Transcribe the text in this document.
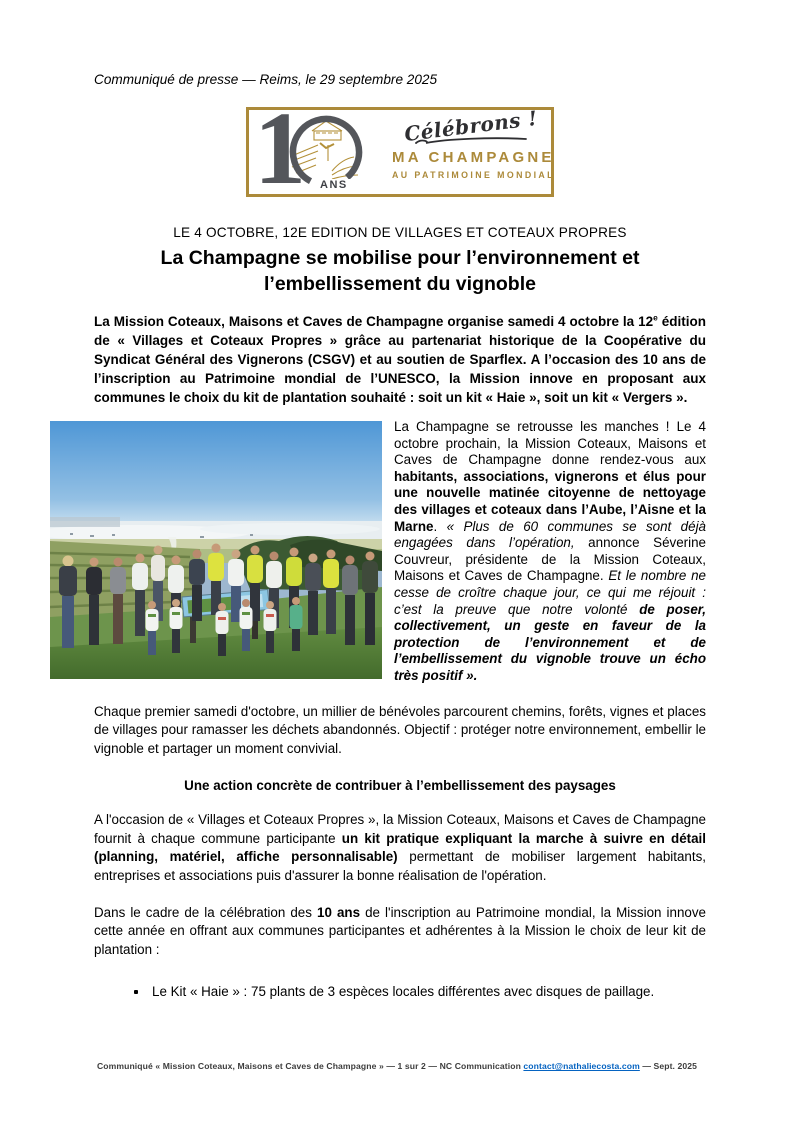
Communiqué de presse — Reims, le 29 septembre 2025

1 ANS
Célébrons !
MA CHAMPAGNE
AU PATRIMOINE MONDIAL
LE 4 OCTOBRE, 12E EDITION DE VILLAGES ET COTEAUX PROPRES
La Champagne se mobilise pour l’environnement et l’embellissement du vignoble

La Mission Coteaux, Maisons et Caves de Champagne organise samedi 4 octobre la 12e édition de « Villages et Coteaux Propres » grâce au partenariat historique de la Coopérative du Syndicat Général des Vignerons (CSGV) et au soutien de Sparflex. A l’occasion des 10 ans de l’inscription au Patrimoine mondial de l’UNESCO, la Mission innove en proposant aux communes le choix du kit de plantation souhaité : soit un kit « Haie », soit un kit « Vergers ».

La Champagne se retrousse les manches ! Le 4 octobre prochain, la Mission Coteaux, Maisons et Caves de Champagne donne rendez-vous aux habitants, associations, vignerons et élus pour une nouvelle matinée citoyenne de nettoyage des villages et coteaux dans l’Aube, l’Aisne et la Marne. « Plus de 60 communes se sont déjà engagées dans l’opération, annonce Séverine Couvreur, présidente de la Mission Coteaux, Maisons et Caves de Champagne. Et le nombre ne cesse de croître chaque jour, ce qui me réjouit : c’est la preuve que notre volonté de poser, collectivement, un geste en faveur de la protection de l’environnement et de l’embellissement du vignoble trouve un écho très positif ».

Chaque premier samedi d'octobre, un millier de bénévoles parcourent chemins, forêts, vignes et places de villages pour ramasser les déchets abandonnés. Objectif : protéger notre environnement, embellir le vignoble et partager un moment convivial.

Une action concrète de contribuer à l’embellissement des paysages

A l'occasion de « Villages et Coteaux Propres », la Mission Coteaux, Maisons et Caves de Champagne fournit à chaque commune participante un kit pratique expliquant la marche à suivre en détail (planning, matériel, affiche personnalisable) permettant de mobiliser largement habitants, entreprises et associations puis d'assurer la bonne réalisation de l'opération.

Dans le cadre de la célébration des 10 ans de l'inscription au Patrimoine mondial, la Mission innove cette année en offrant aux communes participantes et adhérentes à la Mission le choix de leur kit de plantation :

Le Kit « Haie » : 75 plants de 3 espèces locales différentes avec disques de paillage.
Communiqué « Mission Coteaux, Maisons et Caves de Champagne » — 1 sur 2 — NC Communication contact@nathaliecosta.com — Sept. 2025
